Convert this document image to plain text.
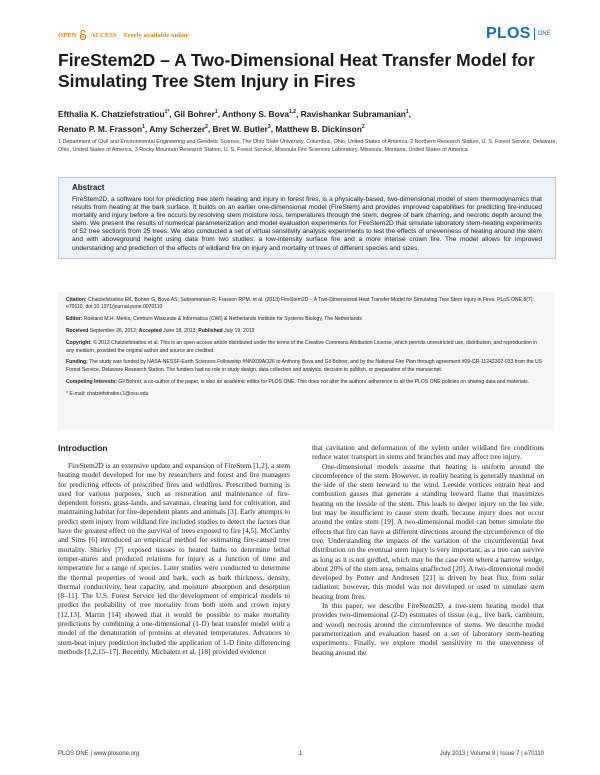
OPEN ACCESS Freely available online	PLOS	ONE
FireStem2D – A Two-Dimensional Heat Transfer Model for Simulating Tree Stem Injury in Fires
Efthalia K. Chatziefstratiou$^{1*}$, Gil Bohrer$^1$, Anthony S. Bova$^{1,2}$, Ravishankar Subramanian$^1$,
Renato P. M. Frasson$^1$, Amy Scherzer$^2$, Bret W. Butler$^3$, Matthew B. Dickinson$^2$
1 Department of Civil and Environmental Engineering and Geodetic Science, The Ohio State University, Columbus, Ohio, United States of America, 2 Northern Research Station, U. S. Forest Service, Delaware, Ohio, United States of America, 3 Rocky Mountain Research Station, U. S. Forest Service, Missoula Fire Sciences Laboratory, Missoula, Montana, United States of America
Abstract
FireStem2D, a software tool for predicting tree stem heating and injury in forest fires, is a physically-based, two-dimensional model of stem thermodynamics that results from heating at the bark surface. It builds on an earlier one-dimensional model (FireStem) and provides improved capabilities for predicting fire-induced mortality and injury before a fire occurs by resolving stem moisture loss, temperatures through the stem, degree of bark charring, and necrotic depth around the stem. We present the results of numerical parameterization and model evaluation experiments for FireStem2D that simulate laboratory stem-heating experiments of 52 tree sections from 25 trees. We also conducted a set of virtual sensitivity analysis experiments to test the effects of unevenness of heating around the stem and with aboveground height using data from two studies: a low-intensity surface fire and a more intense crown fire. The model allows for improved understanding and prediction of the effects of wildland fire on injury and mortality of trees of different species and sizes.

Citation: Chatziefstratiou EK, Bohrer G, Bova AS, Subramanian R, Frasson RPM, et al. (2013) FireStem2D – A Two-Dimensional Heat Transfer Model for Simulating Tree Stem Injury in Fires. PLoS ONE 8(7): e70110. doi:10.1371/journal.pone.0070110

Editor: Roeland M.H. Merks, Centrum Wiskunde & Informatica (CWI) & Netherlands Institute for Systems Biology, The Netherlands

Received September 26, 2012; Accepted June 18, 2013; Published July 19, 2013

Copyright: © 2013 Chatziefstratiou et al. This is an open-access article distributed under the terms of the Creative Commons Attribution License, which permits unrestricted use, distribution, and reproduction in any medium, provided the original author and source are credited.

Funding: The study was funded by NASA-NESSF-Earth Sciences Fellowship #NNX09AO26 to Anthony Bova and Gil Bohrer, and by the National Fire Plan through agreement #09-CR-11242302-033 from the US Forest Service, Delaware Research Station. The funders had no role in study design, data collection and analysis, decision to publish, or preparation of the manuscript.

Competing Interests: Gil Bohrer, a co-author of the paper, is also an academic editor for PLOS ONE. This does not alter the authors' adherence to all the PLOS ONE policies on sharing data and materials.

* E-mail: chatziefstratiou.1@osu.edu

Introduction

FireStem2D is an extensive update and expansion of FireStem [1,2], a stem heating model developed for use by researchers and forest and fire managers for predicting effects of prescribed fires and wildfires. Prescribed burning is used for various purposes, such as restoration and maintenance of fire-dependent forests, grass-lands, and savannas, clearing land for cultivation, and maintaining habitat for fire-dependent plants and animals [3]. Early attempts to predict stem injury from wildland fire included studies to detect the factors that have the greatest effect on the survival of trees exposed to fire [4,5]. McCarthy and Sims [6] introduced an empirical method for estimating fire-caused tree mortality. Shirley [7] exposed tissues to heated baths to determine lethal temper-atures and produced relations for injury as a function of time and temperature for a range of species. Later studies were conducted to determine the thermal properties of wood and bark, such as bark thickness, density, thermal conductivity, heat capacity, and moisture absorption and desorption [8–11]. The U.S. Forest Service led the development of empirical models to predict the probability of tree mortality from both stem and crown injury [12,13]. Martin [14] showed that it would be possible to make mortality predictions by combining a one-dimensional (1-D) heat transfer model with a model of the denaturation of proteins at elevated temperatures. Advances to stem-heat injury prediction included the application of 1-D finite differencing methods [1,2,15–17]. Recently, Michaletz et al. [18] provided evidence

that cavitation and deformation of the xylem under wildland fire conditions reduce water transport in stems and branches and may affect tree injury.

One-dimensional models assume that heating is uniform around the circumference of the stem. However, in reality heating is generally maximal on the side of the stem leeward to the wind. Leeside vortices entrain heat and combustion gasses that generate a standing leeward flame that maximizes heating on the leeside of the stem. This leads to deeper injury on the lee side, but may be insufficient to cause stem death, because injury does not occur around the entire stem [19]. A two-dimensional model can better simulate the effects that fire can have at different directions around the circumference of the tree. Understanding the impacts of the variation of the circumferential heat distribution on the eventual stem injury is very important, as a tree can survive as long as it is not girdled, which may be the case even where a narrow wedge, about 20% of the stem area, remains unaffected [20]. A two-dimensional model developed by Potter and Andresen [21] is driven by heat flux from solar radiation; however, this model was not developed or used to simulate stem heating from fires.

In this paper, we describe FireStem2D, a tree-stem heating model that provides two-dimensional (2-D) estimates of tissue (e.g., live bark, cambium, and wood) necrosis around the circumference of stems. We describe model parameterization and evaluation based on a set of laboratory stem-heating experiments. Finally, we explore model sensitivity to the unevenness of heating around the

PLOS ONE | www.plosone.org	1	July 2013 | Volume 8 | Issue 7 | e70110
